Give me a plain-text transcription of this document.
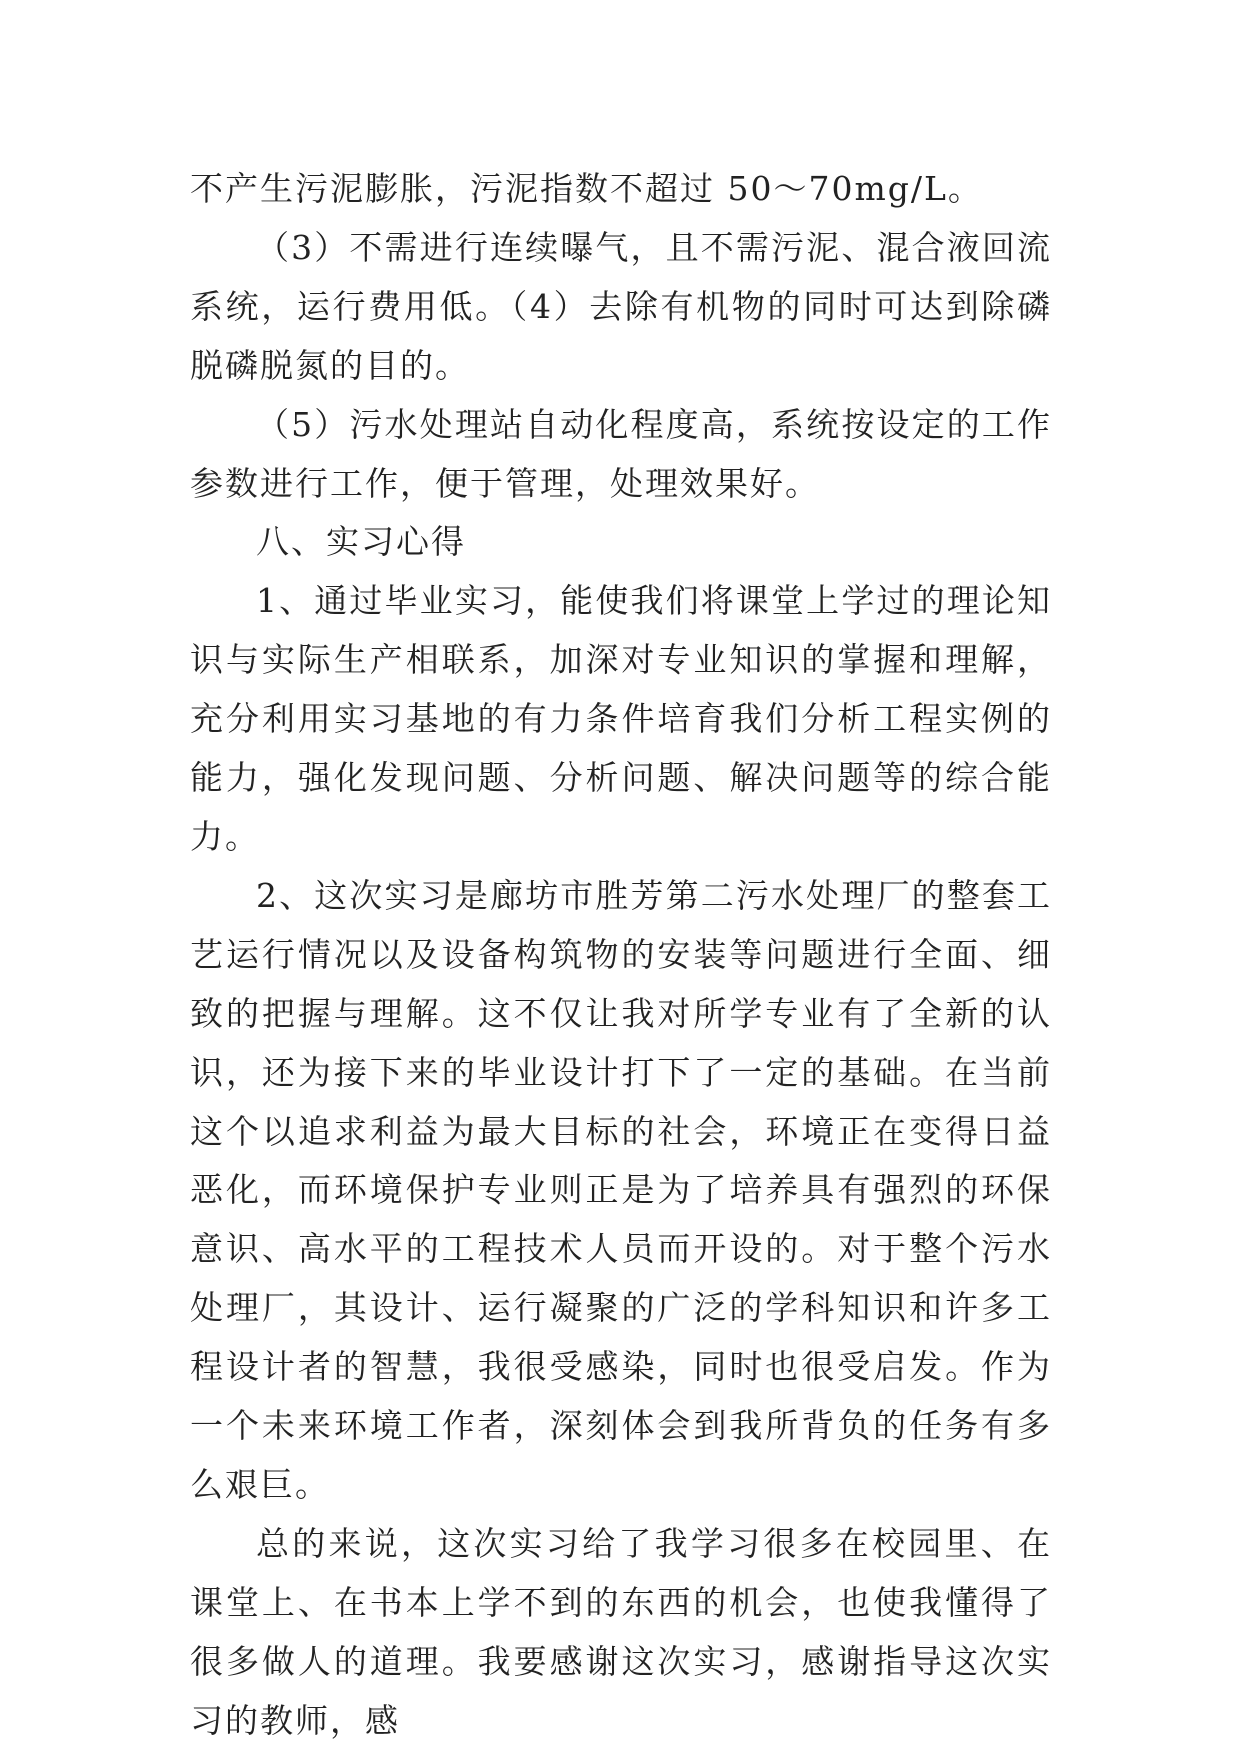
不产生污泥膨胀，污泥指数不超过 50～70mg/L。

（3）不需进行连续曝气，且不需污泥、混合液回流系统，运行费用低。（4）去除有机物的同时可达到除磷脱磷脱氮的目的。

（5）污水处理站自动化程度高，系统按设定的工作参数进行工作，便于管理，处理效果好。

八、实习心得

1、通过毕业实习，能使我们将课堂上学过的理论知识与实际生产相联系，加深对专业知识的掌握和理解，充分利用实习基地的有力条件培育我们分析工程实例的能力，强化发现问题、分析问题、解决问题等的综合能力。

2、这次实习是廊坊市胜芳第二污水处理厂的整套工艺运行情况以及设备构筑物的安装等问题进行全面、细致的把握与理解。这不仅让我对所学专业有了全新的认识，还为接下来的毕业设计打下了一定的基础。在当前这个以追求利益为最大目标的社会，环境正在变得日益恶化，而环境保护专业则正是为了培养具有强烈的环保意识、高水平的工程技术人员而开设的。对于整个污水处理厂，其设计、运行凝聚的广泛的学科知识和许多工程设计者的智慧，我很受感染，同时也很受启发。作为一个未来环境工作者，深刻体会到我所背负的任务有多么艰巨。

总的来说，这次实习给了我学习很多在校园里、在课堂上、在书本上学不到的东西的机会，也使我懂得了很多做人的道理。我要感谢这次实习，感谢指导这次实习的教师，感
